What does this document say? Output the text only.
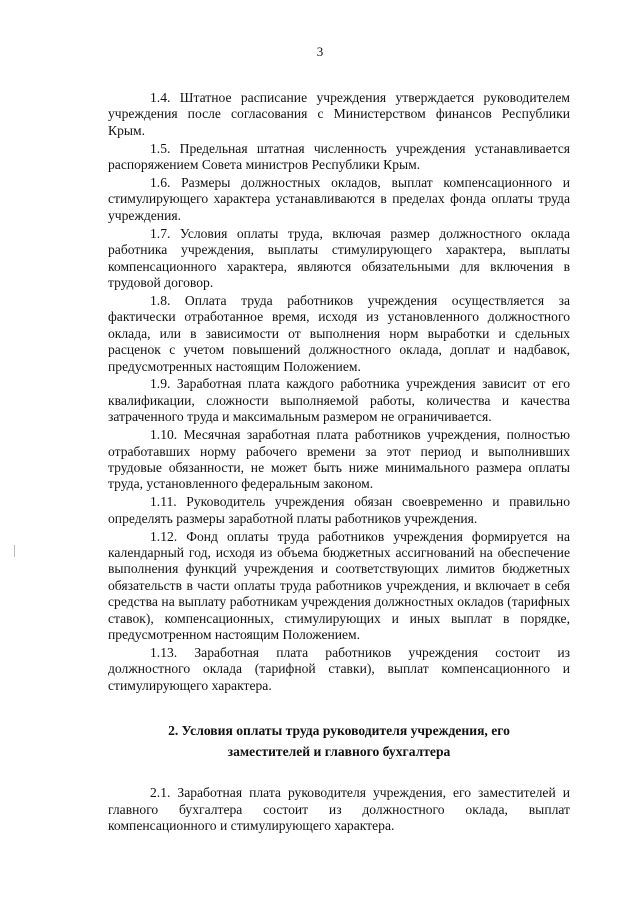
3

1.4. Штатное расписание учреждения утверждается руководителем учреждения после согласования с Министерством финансов Республики Крым.

1.5. Предельная штатная численность учреждения устанавливается распоряжением Совета министров Республики Крым.

1.6. Размеры должностных окладов, выплат компенсационного и стимулирующего характера устанавливаются в пределах фонда оплаты труда учреждения.

1.7. Условия оплаты труда, включая размер должностного оклада работника учреждения, выплаты стимулирующего характера, выплаты компенсационного характера, являются обязательными для включения в трудовой договор.

1.8. Оплата труда работников учреждения осуществляется за фактически отработанное время, исходя из установленного должностного оклада, или в зависимости от выполнения норм выработки и сдельных расценок с учетом повышений должностного оклада, доплат и надбавок, предусмотренных настоящим Положением.

1.9. Заработная плата каждого работника учреждения зависит от его квалификации, сложности выполняемой работы, количества и качества затраченного труда и максимальным размером не ограничивается.

1.10. Месячная заработная плата работников учреждения, полностью отработавших норму рабочего времени за этот период и выполнивших трудовые обязанности, не может быть ниже минимального размера оплаты труда, установленного федеральным законом.

1.11. Руководитель учреждения обязан своевременно и правильно определять размеры заработной платы работников учреждения.

1.12. Фонд оплаты труда работников учреждения формируется на календарный год, исходя из объема бюджетных ассигнований на обеспечение выполнения функций учреждения и соответствующих лимитов бюджетных обязательств в части оплаты труда работников учреждения, и включает в себя средства на выплату работникам учреждения должностных окладов (тарифных ставок), компенсационных, стимулирующих и иных выплат в порядке, предусмотренном настоящим Положением.

1.13. Заработная плата работников учреждения состоит из должностного оклада (тарифной ставки), выплат компенсационного и стимулирующего характера.

2. Условия оплаты труда руководителя учреждения, его
заместителей и главного бухгалтера

2.1. Заработная плата руководителя учреждения, его заместителей и главного бухгалтера состоит из должностного оклада, выплат компенсационного и стимулирующего характера.
